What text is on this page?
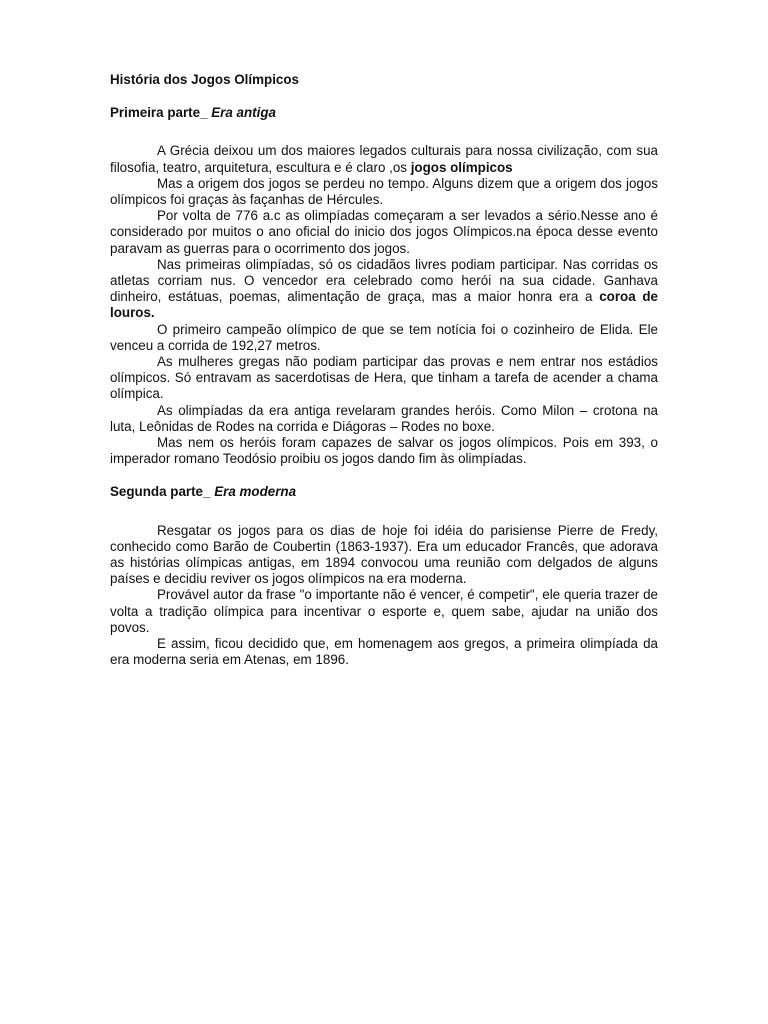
História dos Jogos Olímpicos

Primeira parte_ Era antiga

A Grécia deixou um dos maiores legados culturais para nossa civilização, com sua filosofia, teatro, arquitetura, escultura e é claro ,os jogos olímpicos

Mas a origem dos jogos se perdeu no tempo. Alguns dizem que a origem dos jogos olímpicos foi graças às façanhas de Hércules.

Por volta de 776 a.c as olimpíadas começaram a ser levados a sério.Nesse ano é considerado por muitos o ano oficial do inicio dos jogos Olímpicos.na época desse evento paravam as guerras para o ocorrimento dos jogos.

Nas primeiras olimpíadas, só os cidadãos livres podiam participar. Nas corridas os atletas corriam nus. O vencedor era celebrado como herói na sua cidade. Ganhava dinheiro, estátuas, poemas, alimentação de graça, mas a maior honra era a coroa de louros.

O primeiro campeão olímpico de que se tem notícia foi o cozinheiro de Elida. Ele venceu a corrida de 192,27 metros.

As mulheres gregas não podiam participar das provas e nem entrar nos estádios olímpicos. Só entravam as sacerdotisas de Hera, que tinham a tarefa de acender a chama olímpica.

As olimpíadas da era antiga revelaram grandes heróis. Como Milon – crotona na luta, Leônidas de Rodes na corrida e Diágoras – Rodes no boxe.

Mas nem os heróis foram capazes de salvar os jogos olímpicos. Pois em 393, o imperador romano Teodósio proibiu os jogos dando fim às olimpíadas.

Segunda parte_ Era moderna

Resgatar os jogos para os dias de hoje foi idéia do parisiense Pierre de Fredy, conhecido como Barão de Coubertin (1863-1937). Era um educador Francês, que adorava as histórias olímpicas antigas, em 1894 convocou uma reunião com delgados de alguns países e decidiu reviver os jogos olímpicos na era moderna.

Provável autor da frase "o importante não é vencer, é competir", ele queria trazer de volta a tradição olímpica para incentivar o esporte e, quem sabe, ajudar na união dos povos.

E assim, ficou decidido que, em homenagem aos gregos, a primeira olimpíada da era moderna seria em Atenas, em 1896.
